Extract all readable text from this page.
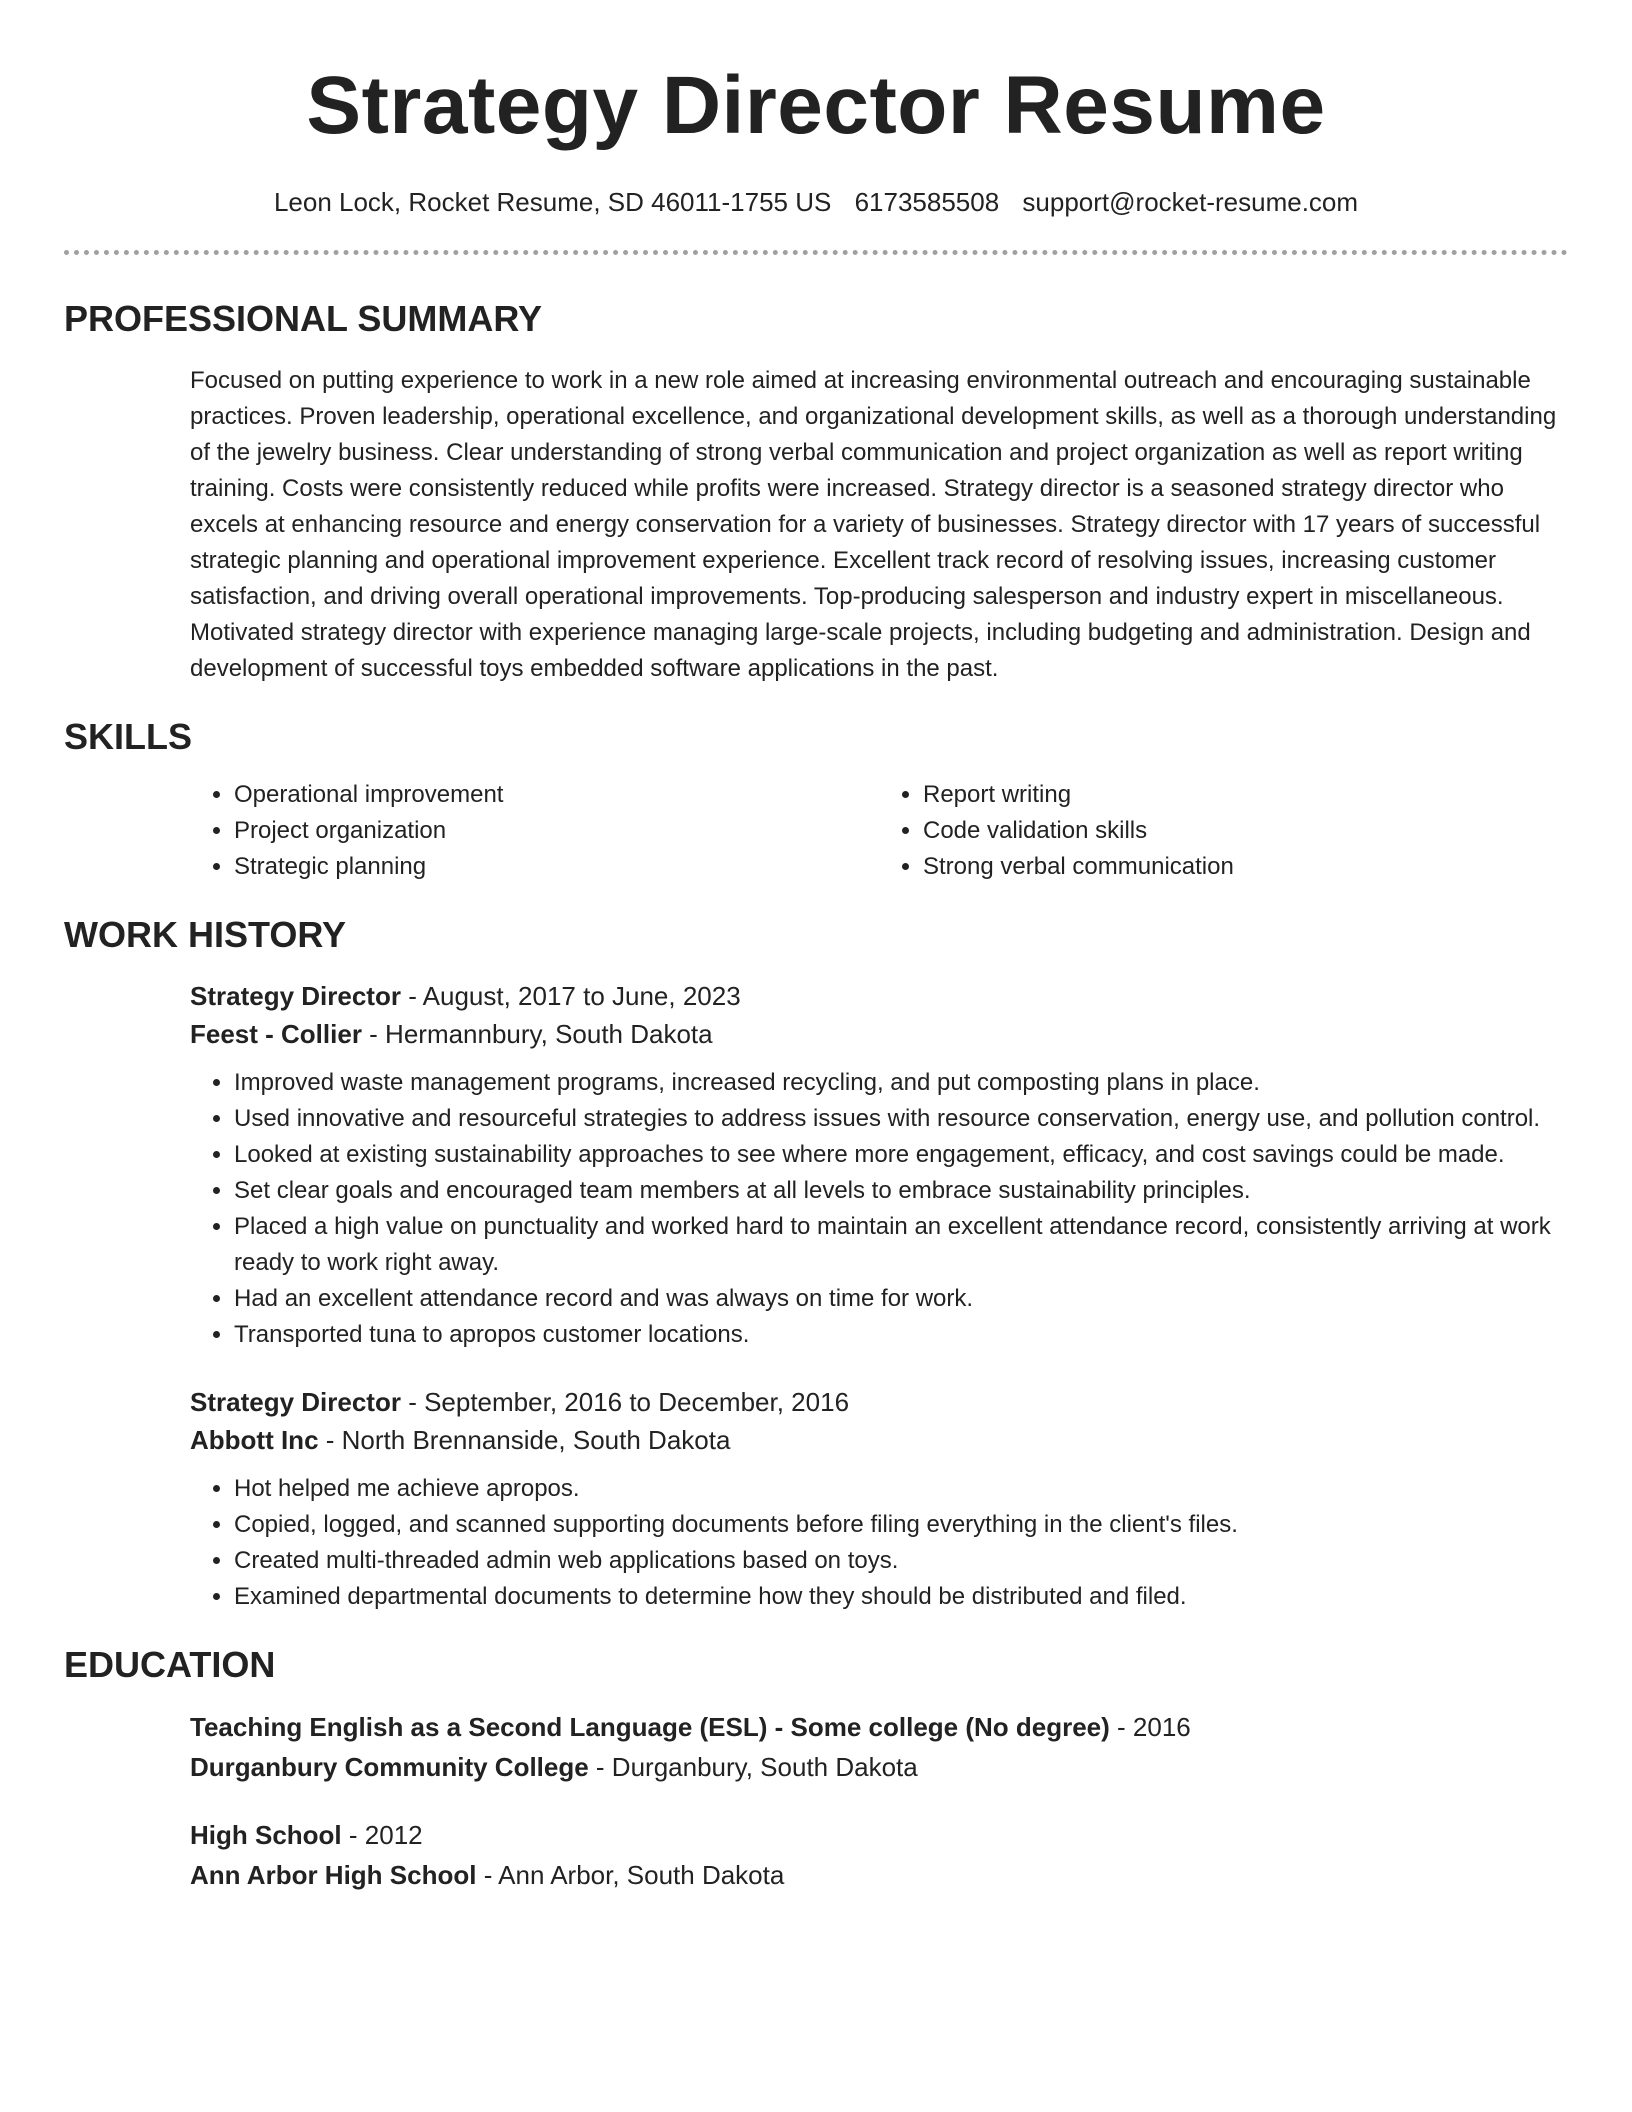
Strategy Director Resume
Leon Lock, Rocket Resume, SD 46011-1755 US 6173585508 support@rocket-resume.com
PROFESSIONAL SUMMARY
Focused on putting experience to work in a new role aimed at increasing environmental outreach and encouraging sustainable practices. Proven leadership, operational excellence, and organizational development skills, as well as a thorough understanding of the jewelry business. Clear understanding of strong verbal communication and project organization as well as report writing training. Costs were consistently reduced while profits were increased. Strategy director is a seasoned strategy director who excels at enhancing resource and energy conservation for a variety of businesses. Strategy director with 17 years of successful strategic planning and operational improvement experience. Excellent track record of resolving issues, increasing customer satisfaction, and driving overall operational improvements. Top-producing salesperson and industry expert in miscellaneous. Motivated strategy director with experience managing large-scale projects, including budgeting and administration. Design and development of successful toys embedded software applications in the past.
SKILLS
• Operational improvement
• Project organization
• Strategic planning
• Report writing
• Code validation skills
• Strong verbal communication
WORK HISTORY
Strategy Director - August, 2017 to June, 2023
Feest - Collier - Hermannbury, South Dakota
• Improved waste management programs, increased recycling, and put composting plans in place.
• Used innovative and resourceful strategies to address issues with resource conservation, energy use, and pollution control.
• Looked at existing sustainability approaches to see where more engagement, efficacy, and cost savings could be made.
• Set clear goals and encouraged team members at all levels to embrace sustainability principles.
• Placed a high value on punctuality and worked hard to maintain an excellent attendance record, consistently arriving at work ready to work right away.
• Had an excellent attendance record and was always on time for work.
• Transported tuna to apropos customer locations.
Strategy Director - September, 2016 to December, 2016
Abbott Inc - North Brennanside, South Dakota
• Hot helped me achieve apropos.
• Copied, logged, and scanned supporting documents before filing everything in the client's files.
• Created multi-threaded admin web applications based on toys.
• Examined departmental documents to determine how they should be distributed and filed.
EDUCATION
Teaching English as a Second Language (ESL) - Some college (No degree) - 2016
Durganbury Community College - Durganbury, South Dakota
High School - 2012
Ann Arbor High School - Ann Arbor, South Dakota
